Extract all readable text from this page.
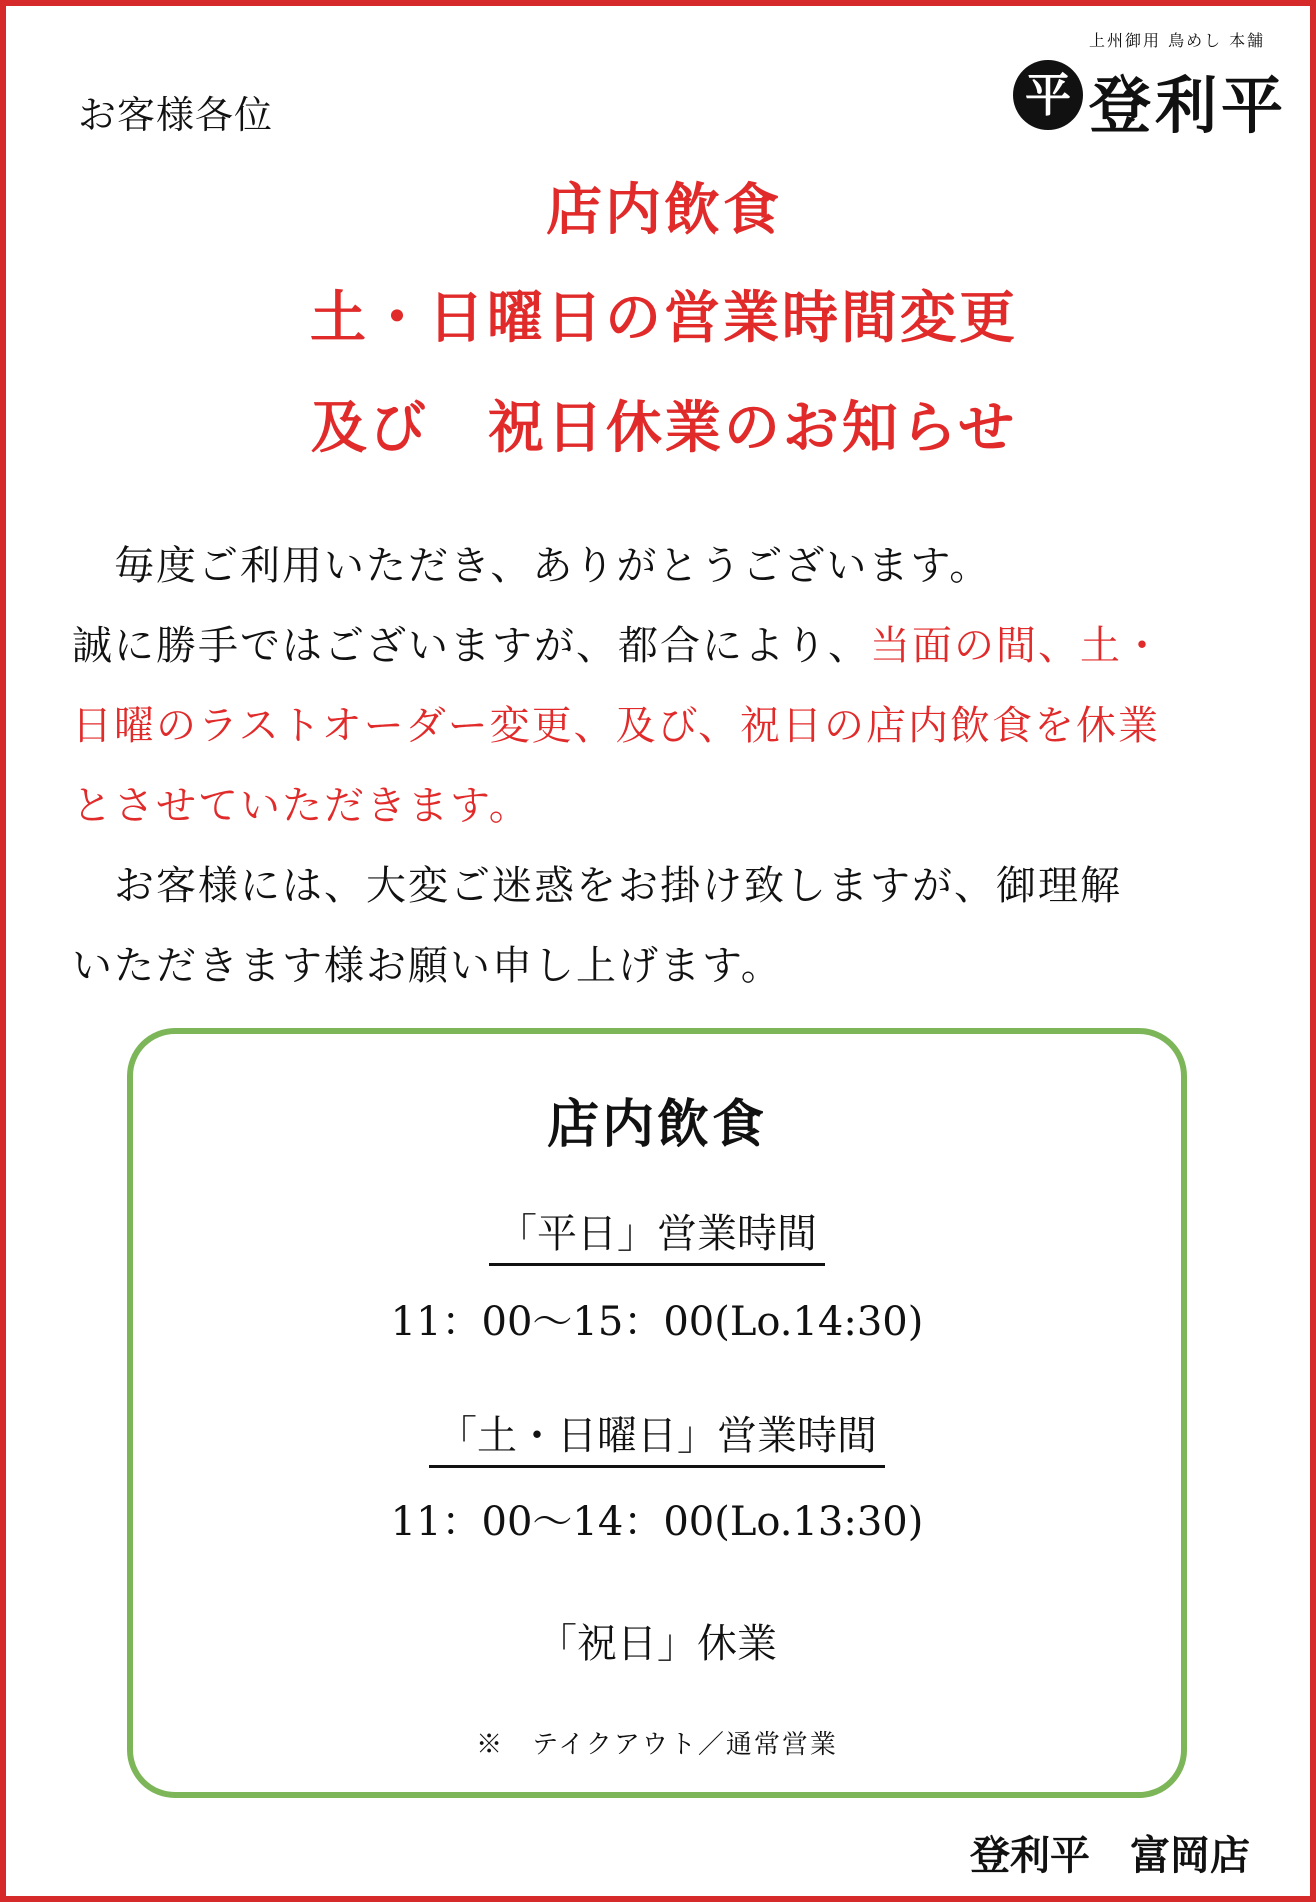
お客様各位
上州御用 鳥めし 本舗
平 登利平
店内飲食
土・日曜日の営業時間変更
及び　祝日休業のお知らせ

　毎度ご利用いただき、ありがとうございます。

誠に勝手ではございますが、都合により、当面の間、土・

日曜のラストオーダー変更、及び、祝日の店内飲食を休業

とさせていただきます。

　お客様には、大変ご迷惑をお掛け致しますが、御理解

いただきます様お願い申し上げます。

店内飲食
「平日」営業時間
11：00～15：00(Lo.14:30)
「土・日曜日」営業時間
11：00～14：00(Lo.13:30)
「祝日」休業
※　テイクアウト／通常営業
登利平　富岡店
